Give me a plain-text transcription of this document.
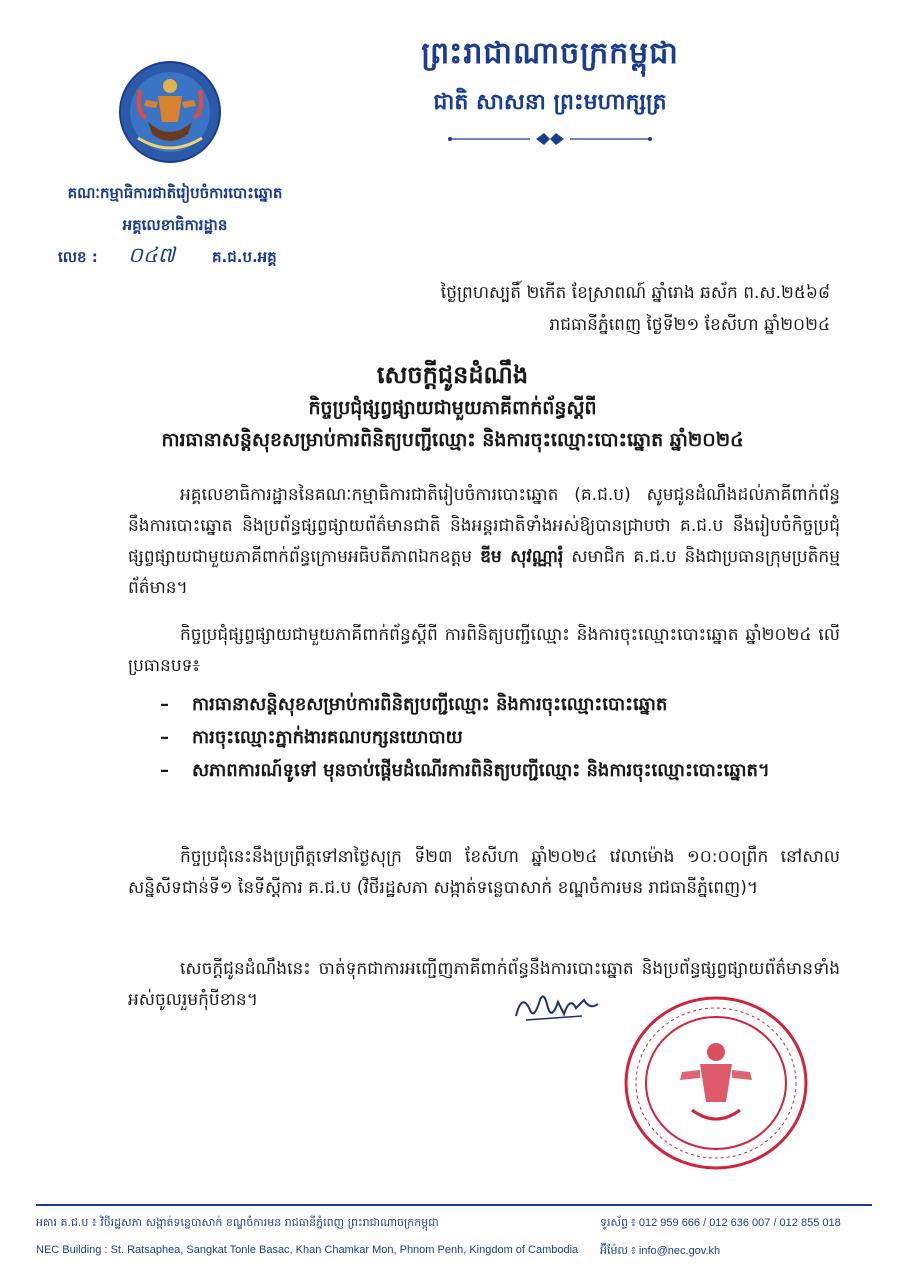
ព្រះរាជាណាចក្រកម្ពុជា
ជាតិ សាសនា ព្រះមហាក្សត្រ
គណៈកម្មាធិការជាតិរៀបចំការបោះឆ្នោត
អគ្គលេខាធិការដ្ឋាន
លេខ : ០៤៧ គ.ជ.ប.អគ្គ
ថ្ងៃព្រហស្បតិ៍ ២កើត ខែស្រាពណ៍ ឆ្នាំរោង ឆស័ក ព.ស.២៥៦៨
រាជធានីភ្នំពេញ ថ្ងៃទី២១ ខែសីហា ឆ្នាំ២០២៤
សេចក្តីជូនដំណឹង
កិច្ចប្រជុំផ្សព្វផ្សាយជាមួយភាគីពាក់ព័ន្ធស្តីពី
ការធានាសន្តិសុខសម្រាប់ការពិនិត្យបញ្ជីឈ្មោះ និងការចុះឈ្មោះបោះឆ្នោត ឆ្នាំ២០២៤
អគ្គលេខាធិការដ្ឋាននៃគណៈកម្មាធិការជាតិរៀបចំការបោះឆ្នោត (គ.ជ.ប) សូមជូនដំណឹងដល់ភាគីពាក់ព័ន្ធនឹងការបោះឆ្នោត និងប្រព័ន្ធផ្សព្វផ្សាយព័ត៌មានជាតិ និងអន្តរជាតិទាំងអស់ឱ្យបានជ្រាបថា គ.ជ.ប នឹងរៀបចំកិច្ចប្រជុំផ្សព្វផ្សាយជាមួយភាគីពាក់ព័ន្ធក្រោមអធិបតីភាពឯកឧត្តម ឌីម សុវណ្ណារុំ សមាជិក គ.ជ.ប និងជាប្រធានក្រុមប្រតិកម្មព័ត៌មាន។
កិច្ចប្រជុំផ្សព្វផ្សាយជាមួយភាគីពាក់ព័ន្ធស្តីពី ការពិនិត្យបញ្ជីឈ្មោះ និងការចុះឈ្មោះបោះឆ្នោត ឆ្នាំ២០២៤ លើប្រធានបទ៖
–	ការធានាសន្តិសុខសម្រាប់ការពិនិត្យបញ្ជីឈ្មោះ និងការចុះឈ្មោះបោះឆ្នោត
–	ការចុះឈ្មោះភ្នាក់ងារគណបក្សនយោបាយ
–	សភាពការណ៍ទូទៅ មុនចាប់ផ្តើមដំណើរការពិនិត្យបញ្ជីឈ្មោះ និងការចុះឈ្មោះបោះឆ្នោត។
កិច្ចប្រជុំនេះនឹងប្រព្រឹត្តទៅនាថ្ងៃសុក្រ ទី២៣ ខែសីហា ឆ្នាំ២០២៤ វេលាម៉ោង ១០:០០ព្រឹក នៅសាលសន្និសីទជាន់ទី១ នៃទីស្តីការ គ.ជ.ប (វិថីរដ្ឋសភា សង្កាត់ទន្លេបាសាក់ ខណ្ឌចំការមន រាជធានីភ្នំពេញ)។
សេចក្តីជូនដំណឹងនេះ ចាត់ទុកជាការអញ្ជើញភាគីពាក់ព័ន្ធនឹងការបោះឆ្នោត និងប្រព័ន្ធផ្សព្វផ្សាយព័ត៌មានទាំងអស់ចូលរួមកុំបីខាន។
អគារ គ.ជ.ប ៖ វិថីរដ្ឋសភា សង្កាត់ទន្លេបាសាក់ ខណ្ឌចំការមន រាជធានីភ្នំពេញ ព្រះរាជាណាចក្រកម្ពុជា
NEC Building : St. Ratsaphea, Sangkat Tonle Basac, Khan Chamkar Mon, Phnom Penh, Kingdom of Cambodia
ទូរស័ព្ទ ៖ 012 959 666 / 012 636 007 / 012 855 018
អ៊ីម៉ែល ៖ info@nec.gov.kh
